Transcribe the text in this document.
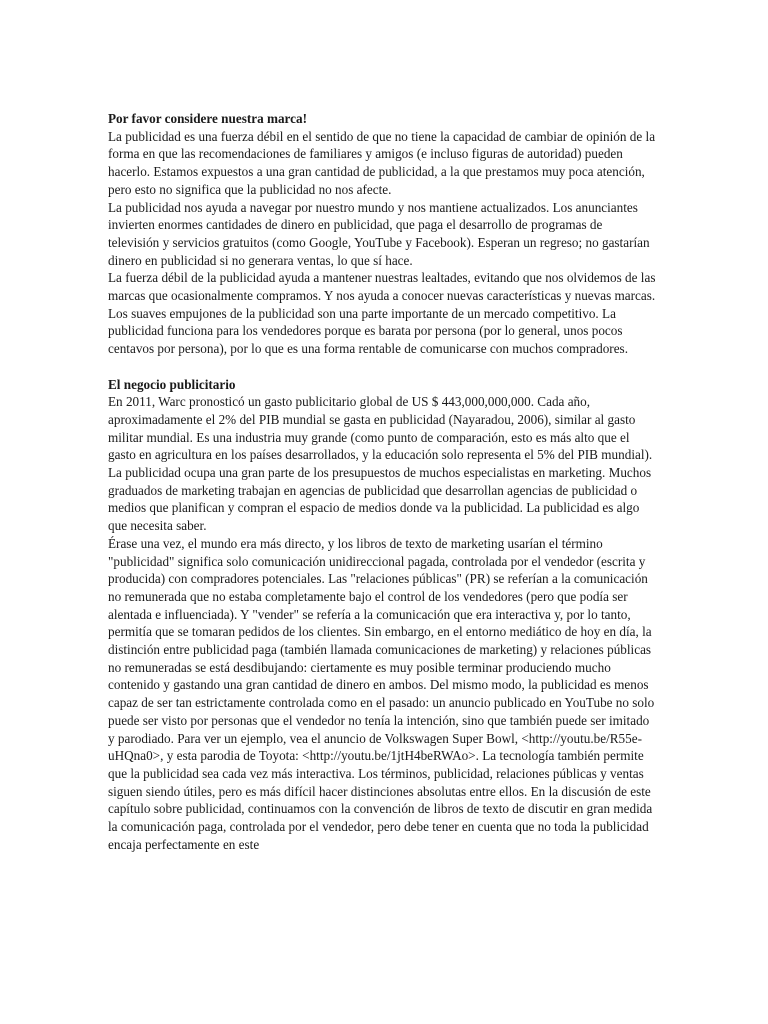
Por favor considere nuestra marca!

La publicidad es una fuerza débil en el sentido de que no tiene la capacidad de cambiar de opinión de la forma en que las recomendaciones de familiares y amigos (e incluso figuras de autoridad) pueden hacerlo. Estamos expuestos a una gran cantidad de publicidad, a la que prestamos muy poca atención, pero esto no significa que la publicidad no nos afecte.

La publicidad nos ayuda a navegar por nuestro mundo y nos mantiene actualizados. Los anunciantes invierten enormes cantidades de dinero en publicidad, que paga el desarrollo de programas de televisión y servicios gratuitos (como Google, YouTube y Facebook). Esperan un regreso; no gastarían dinero en publicidad si no generara ventas, lo que sí hace.

La fuerza débil de la publicidad ayuda a mantener nuestras lealtades, evitando que nos olvidemos de las marcas que ocasionalmente compramos. Y nos ayuda a conocer nuevas características y nuevas marcas. Los suaves empujones de la publicidad son una parte importante de un mercado competitivo. La publicidad funciona para los vendedores porque es barata por persona (por lo general, unos pocos centavos por persona), por lo que es una forma rentable de comunicarse con muchos compradores.

El negocio publicitario

En 2011, Warc pronosticó un gasto publicitario global de US $ 443,000,000,000. Cada año, aproximadamente el 2% del PIB mundial se gasta en publicidad (Nayaradou, 2006), similar al gasto militar mundial. Es una industria muy grande (como punto de comparación, esto es más alto que el gasto en agricultura en los países desarrollados, y la educación solo representa el 5% del PIB mundial). La publicidad ocupa una gran parte de los presupuestos de muchos especialistas en marketing. Muchos graduados de marketing trabajan en agencias de publicidad que desarrollan agencias de publicidad o medios que planifican y compran el espacio de medios donde va la publicidad. La publicidad es algo que necesita saber.

Érase una vez, el mundo era más directo, y los libros de texto de marketing usarían el término "publicidad" significa solo comunicación unidireccional pagada, controlada por el vendedor (escrita y producida) con compradores potenciales. Las "relaciones públicas" (PR) se referían a la comunicación no remunerada que no estaba completamente bajo el control de los vendedores (pero que podía ser alentada e influenciada). Y "vender" se refería a la comunicación que era interactiva y, por lo tanto, permitía que se tomaran pedidos de los clientes. Sin embargo, en el entorno mediático de hoy en día, la distinción entre publicidad paga (también llamada comunicaciones de marketing) y relaciones públicas no remuneradas se está desdibujando: ciertamente es muy posible terminar produciendo mucho contenido y gastando una gran cantidad de dinero en ambos. Del mismo modo, la publicidad es menos capaz de ser tan estrictamente controlada como en el pasado: un anuncio publicado en YouTube no solo puede ser visto por personas que el vendedor no tenía la intención, sino que también puede ser imitado y parodiado. Para ver un ejemplo, vea el anuncio de Volkswagen Super Bowl, <http://youtu.be/R55e-uHQna0>, y esta parodia de Toyota: <http://youtu.be/1jtH4beRWAo>. La tecnología también permite que la publicidad sea cada vez más interactiva. Los términos, publicidad, relaciones públicas y ventas siguen siendo útiles, pero es más difícil hacer distinciones absolutas entre ellos. En la discusión de este capítulo sobre publicidad, continuamos con la convención de libros de texto de discutir en gran medida la comunicación paga, controlada por el vendedor, pero debe tener en cuenta que no toda la publicidad encaja perfectamente en este
